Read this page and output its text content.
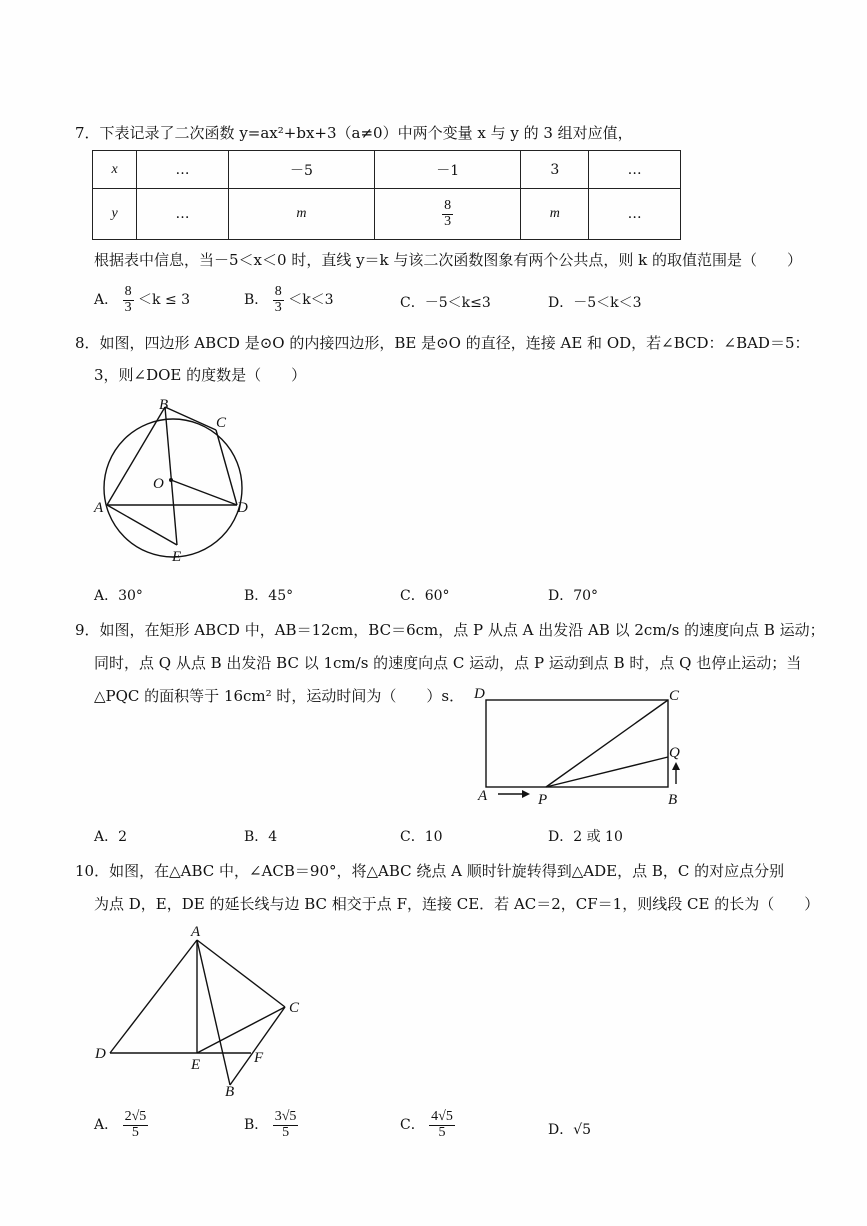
7．下表记录了二次函数 y=ax²+bx+3（a≠0）中两个变量 x 与 y 的 3 组对应值，
x	…	－5	－1	3	…
y	…	m	$\frac{8}{3}$	m	…
根据表中信息，当－5＜x＜0 时，直线 y＝k 与该二次函数图象有两个公共点，则 k 的取值范围是（　　）
A． $\frac{8}{3} <k \le 3$	B． $\frac{8}{3} <k<3$	C．－5＜k≤3	D．－5＜k＜3
8．如图，四边形 ABCD 是⊙O 的内接四边形，BE 是⊙O 的直径，连接 AE 和 OD，若∠BCD：∠BAD＝5：
3，则∠DOE 的度数是（　　）
B
C
O
A	D
E
A．30°	B．45°	C．60°	D．70°
9．如图，在矩形 ABCD 中，AB＝12cm，BC＝6cm，点 P 从点 A 出发沿 AB 以 2cm/s 的速度向点 B 运动；
同时，点 Q 从点 B 出发沿 BC 以 1cm/s 的速度向点 C 运动，点 P 运动到点 B 时，点 Q 也停止运动；当
△PQC 的面积等于 16cm² 时，运动时间为（　　）s． D	C
Q
A	P	B
A．2	B．4	C．10	D．2 或 10
10．如图，在△ABC 中，∠ACB＝90°，将△ABC 绕点 A 顺时针旋转得到△ADE，点 B，C 的对应点分别
为点 D，E，DE 的延长线与边 BC 相交于点 F，连接 CE．若 AC＝2，CF＝1，则线段 CE 的长为（　　）
A
C
D
E	F
B
A． $\frac{2√5}{5}$	B． $\frac{3√5}{5}$	C． $\frac{4√5}{5}$	D．√5
